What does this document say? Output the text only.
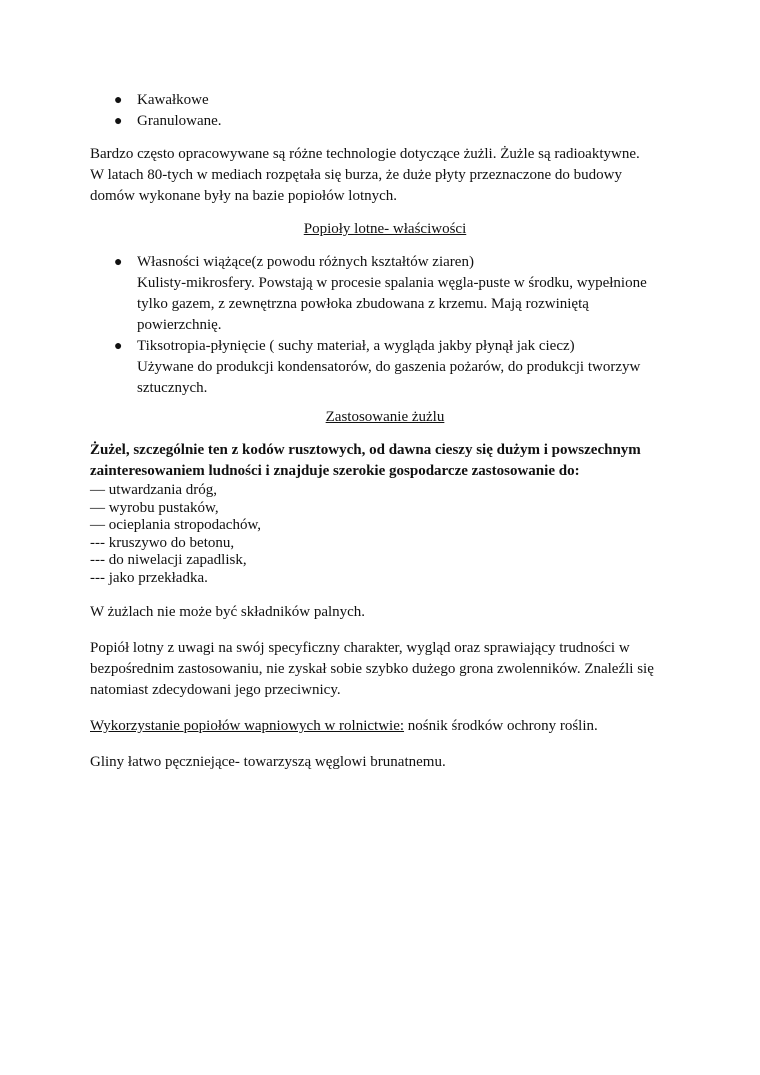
● Kawałkowe
● Granulowane.

Bardzo często opracowywane są różne technologie dotyczące żużli. Żużle są radioaktywne.

W latach 80-tych w mediach rozpętała się burza, że duże płyty przeznaczone do budowy

domów wykonane były na bazie popiołów lotnych.

Popioły lotne- właściwości

● Własności wiążące(z powodu różnych kształtów ziaren)
Kulisty-mikrosfery. Powstają w procesie spalania węgla-puste w środku, wypełnione
tylko gazem, z zewnętrzna powłoka zbudowana z krzemu. Mają rozwiniętą
powierzchnię.
● Tiksotropia-płynięcie ( suchy materiał, a wygląda jakby płynął jak ciecz)
Używane do produkcji kondensatorów, do gaszenia pożarów, do produkcji tworzyw
sztucznych.

Zastosowanie żużlu

Żużel, szczególnie ten z kodów rusztowych, od dawna cieszy się dużym i powszechnym

zainteresowaniem ludności i znajduje szerokie gospodarcze zastosowanie do:

— utwardzania dróg,

— wyrobu pustaków,

— ocieplania stropodachów,

--- kruszywo do betonu,

--- do niwelacji zapadlisk,

--- jako przekładka.

W żużlach nie może być składników palnych.

Popiół lotny z uwagi na swój specyficzny charakter, wygląd oraz sprawiający trudności w

bezpośrednim zastosowaniu, nie zyskał sobie szybko dużego grona zwolenników. Znaleźli się

natomiast zdecydowani jego przeciwnicy.

Wykorzystanie popiołów wapniowych w rolnictwie: nośnik środków ochrony roślin.

Gliny łatwo pęczniejące- towarzyszą węglowi brunatnemu.
